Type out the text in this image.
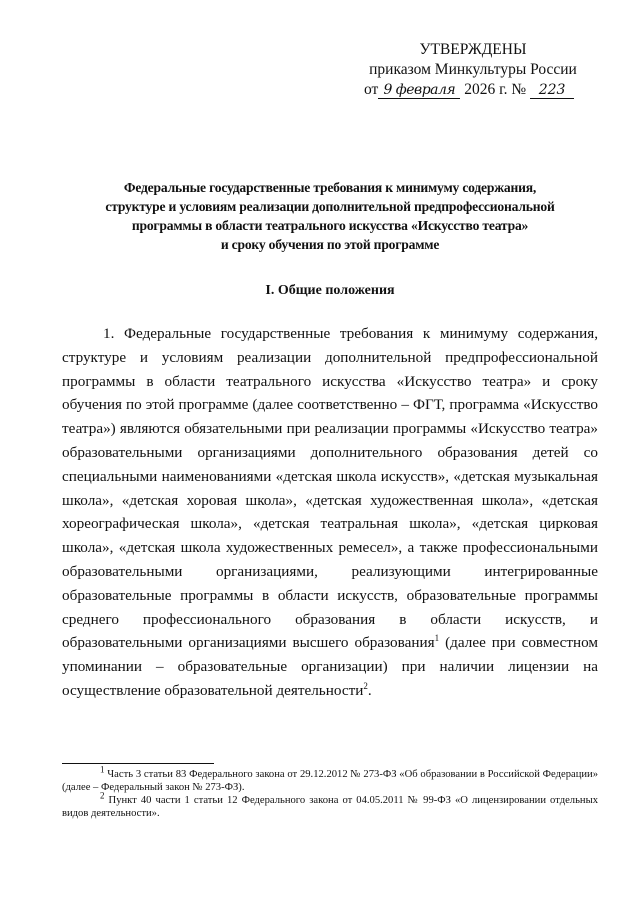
УТВЕРЖДЕНЫ
приказом Минкультуры России
от 9 февраля 2026 г. № 223
Федеральные государственные требования к минимуму содержания,
структуре и условиям реализации дополнительной предпрофессиональной
программы в области театрального искусства «Искусство театра»
и сроку обучения по этой программе
I. Общие положения

1. Федеральные государственные требования к минимуму содержания, структуре и условиям реализации дополнительной предпрофессиональной программы в области театрального искусства «Искусство театра» и сроку обучения по этой программе (далее соответственно – ФГТ, программа «Искусство театра») являются обязательными при реализации программы «Искусство театра» образовательными организациями дополнительного образования детей со специальными наименованиями «детская школа искусств», «детская музыкальная школа», «детская хоровая школа», «детская художественная школа», «детская хореографическая школа», «детская театральная школа», «детская цирковая школа», «детская школа художественных ремесел», а также профессиональными образовательными организациями, реализующими интегрированные образовательные программы в области искусств, образовательные программы среднего профессионального образования в области искусств, и образовательными организациями высшего образования$^1$ (далее при совместном упоминании – образовательные организации) при наличии лицензии на осуществление образовательной деятельности$^2$.

$^1$ Часть 3 статьи 83 Федерального закона от 29.12.2012 № 273-ФЗ «Об образовании в Российской Федерации» (далее – Федеральный закон № 273-ФЗ).

$^2$ Пункт 40 части 1 статьи 12 Федерального закона от 04.05.2011 № 99-ФЗ «О лицензировании отдельных видов деятельности».
